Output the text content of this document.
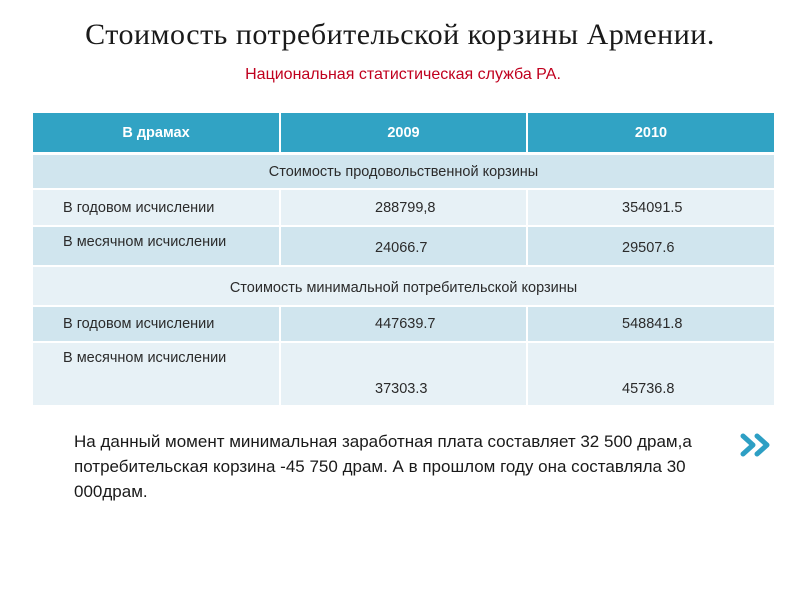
Стоимость потребительской корзины Армении.
Национальная статистическая служба РА.
В драмах	2009	2010
Стоимость продовольственной корзины		
В годовом исчислении	288799,8	354091.5
В месячном исчислении	24066.7	29507.6
Стоимость минимальной потребительской корзины		
В годовом исчислении	447639.7	548841.8
В месячном исчислении	37303.3	45736.8
На данный момент минимальная заработная плата составляет 32 500 драм,а потребительская корзина -45 750 драм. А в прошлом году она составляла 30 000драм.
